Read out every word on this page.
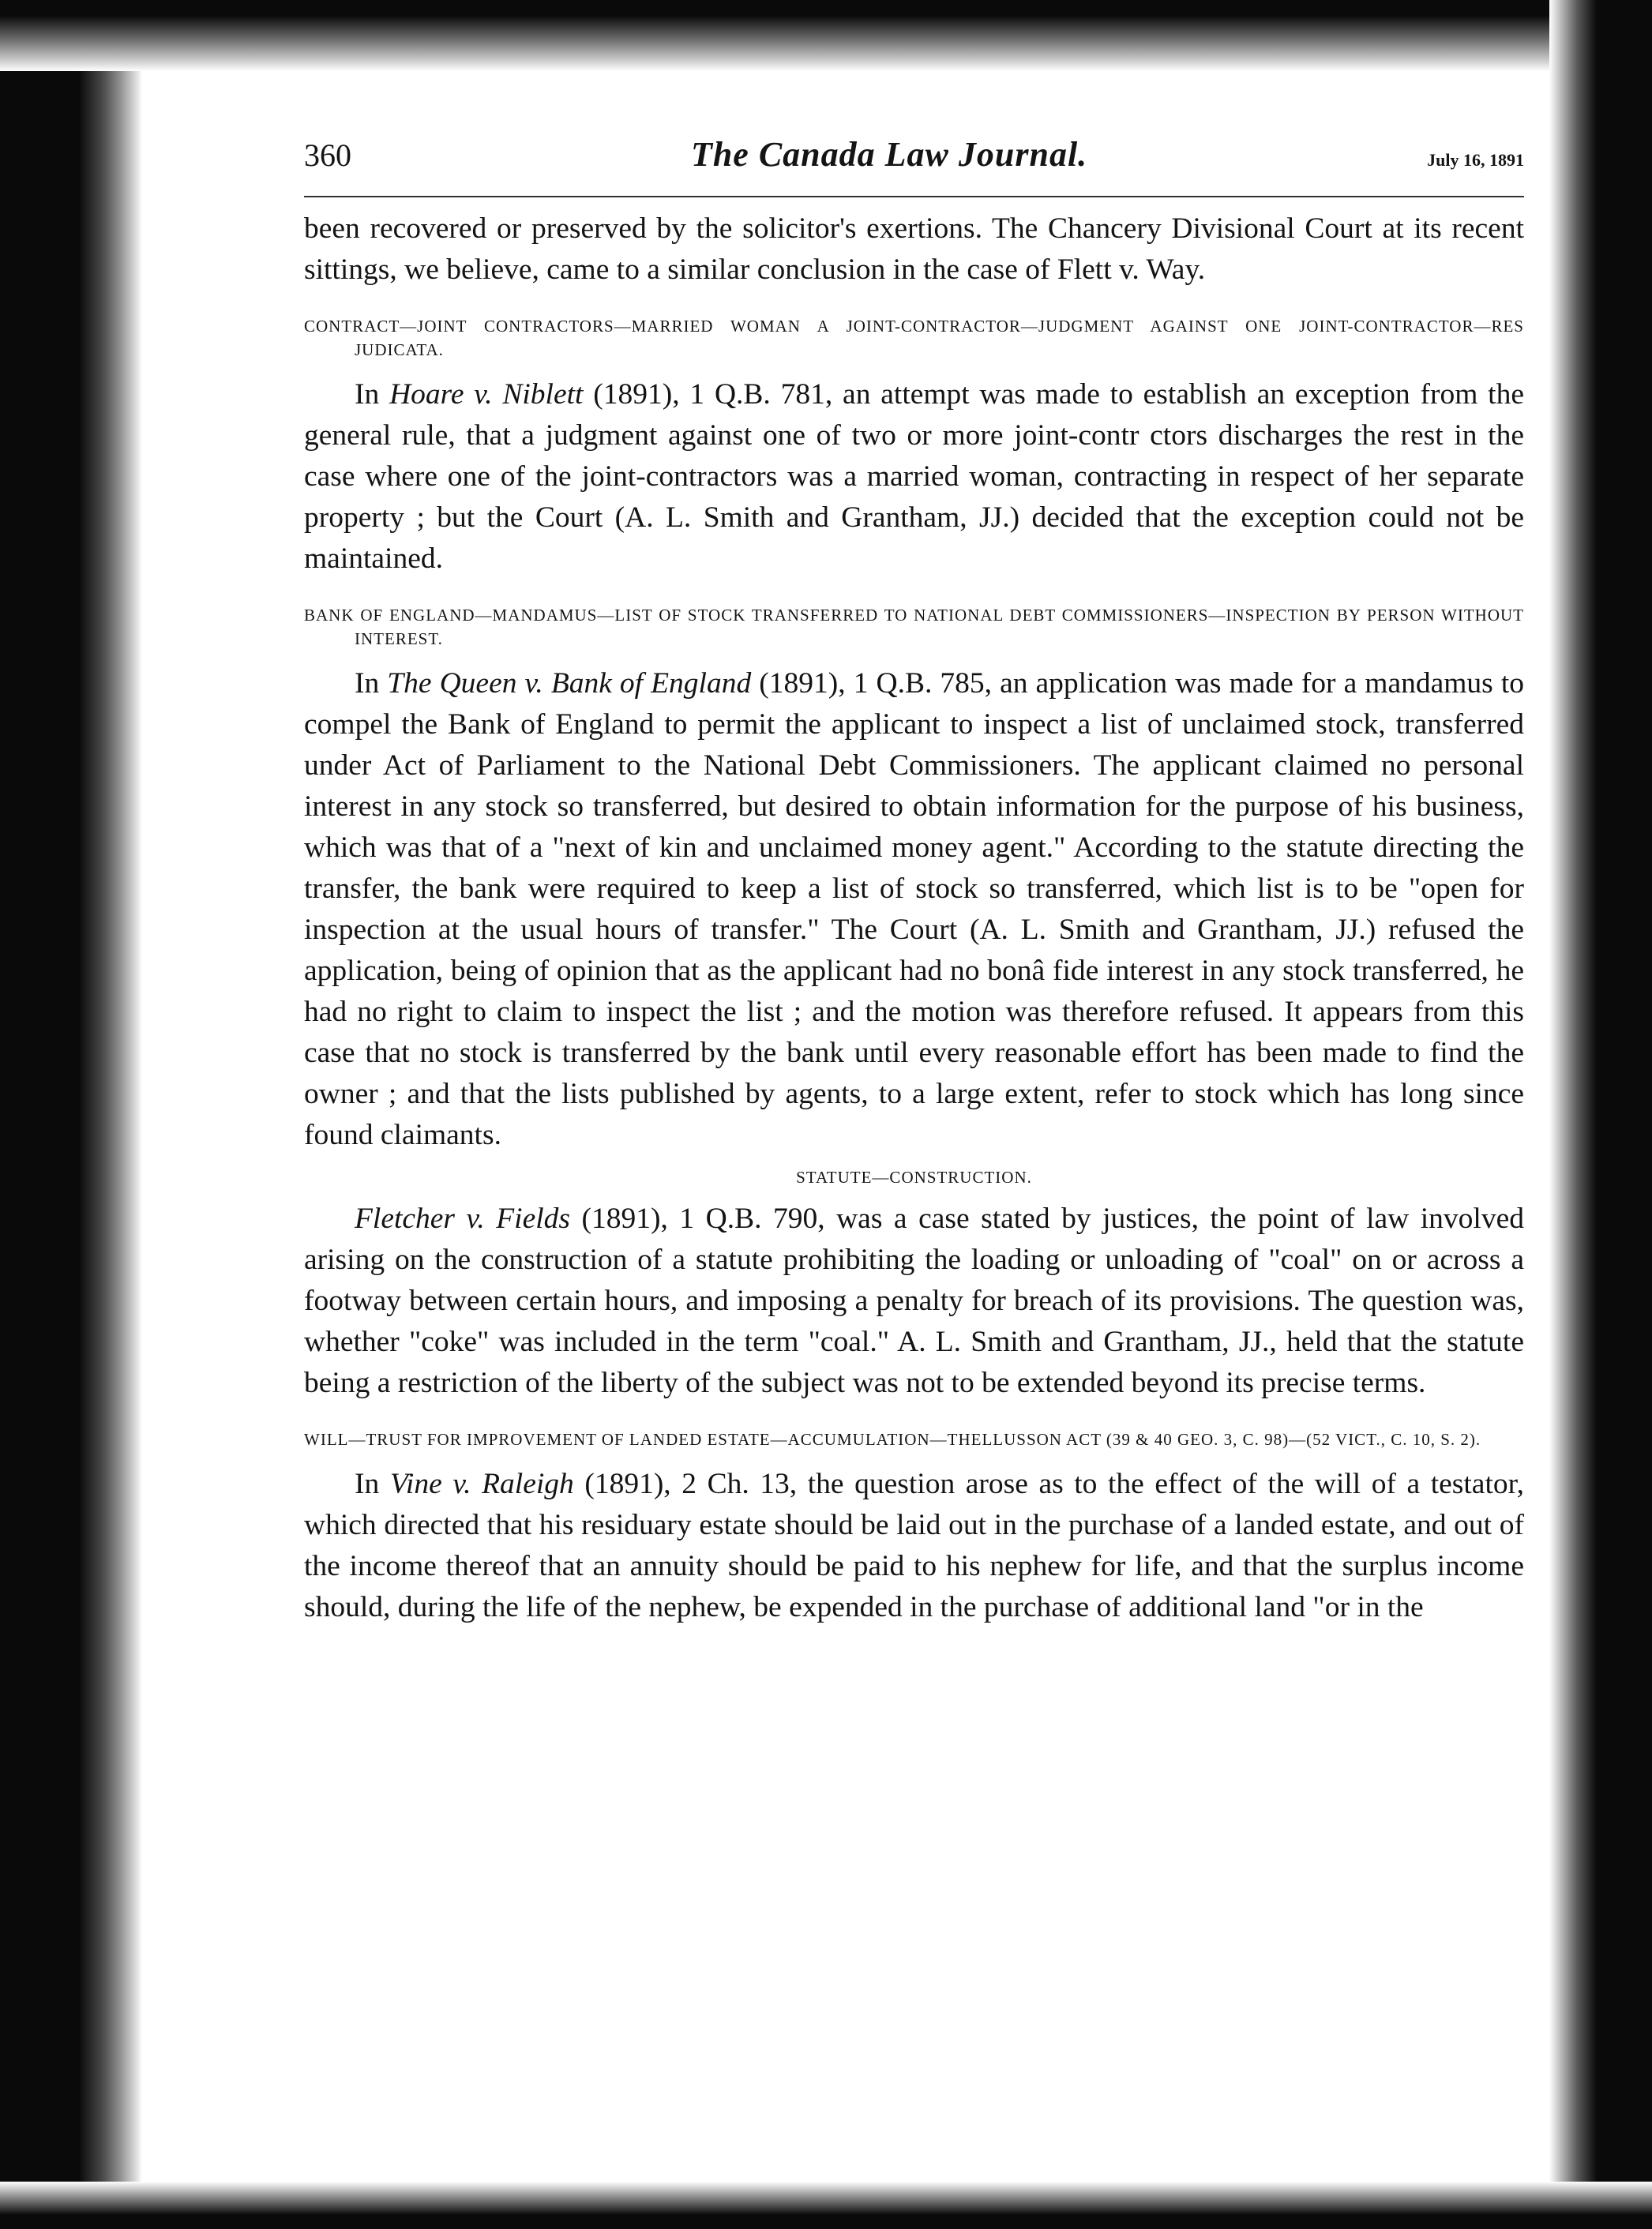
360	The Canada Law Journal.	July 16, 1891

been recovered or preserved by the solicitor's exertions. The Chancery Divisional Court at its recent sittings, we believe, came to a similar conclusion in the case of Flett v. Way.

CONTRACT—JOINT CONTRACTORS—MARRIED WOMAN A JOINT-CONTRACTOR—JUDGMENT AGAINST ONE JOINT-CONTRACTOR—RES JUDICATA.

In Hoare v. Niblett (1891), 1 Q.B. 781, an attempt was made to establish an exception from the general rule, that a judgment against one of two or more joint-contr ctors discharges the rest in the case where one of the joint-contractors was a married woman, contracting in respect of her separate property ; but the Court (A. L. Smith and Grantham, JJ.) decided that the exception could not be maintained.

BANK OF ENGLAND—MANDAMUS—LIST OF STOCK TRANSFERRED TO NATIONAL DEBT COMMISSIONERS—INSPECTION BY PERSON WITHOUT INTEREST.

In The Queen v. Bank of England (1891), 1 Q.B. 785, an application was made for a mandamus to compel the Bank of England to permit the applicant to inspect a list of unclaimed stock, transferred under Act of Parliament to the National Debt Commissioners. The applicant claimed no personal interest in any stock so transferred, but desired to obtain information for the purpose of his business, which was that of a "next of kin and unclaimed money agent." According to the statute directing the transfer, the bank were required to keep a list of stock so transferred, which list is to be "open for inspection at the usual hours of transfer." The Court (A. L. Smith and Grantham, JJ.) refused the application, being of opinion that as the applicant had no bonâ fide interest in any stock transferred, he had no right to claim to inspect the list ; and the motion was therefore refused. It appears from this case that no stock is transferred by the bank until every reasonable effort has been made to find the owner ; and that the lists published by agents, to a large extent, refer to stock which has long since found claimants.

STATUTE—CONSTRUCTION.

Fletcher v. Fields (1891), 1 Q.B. 790, was a case stated by justices, the point of law involved arising on the construction of a statute prohibiting the loading or unloading of "coal" on or across a footway between certain hours, and imposing a penalty for breach of its provisions. The question was, whether "coke" was included in the term "coal." A. L. Smith and Grantham, JJ., held that the statute being a restriction of the liberty of the subject was not to be extended beyond its precise terms.

WILL—TRUST FOR IMPROVEMENT OF LANDED ESTATE—ACCUMULATION—THELLUSSON ACT (39 & 40 GEO. 3, C. 98)—(52 VICT., C. 10, S. 2).

In Vine v. Raleigh (1891), 2 Ch. 13, the question arose as to the effect of the will of a testator, which directed that his residuary estate should be laid out in the purchase of a landed estate, and out of the income thereof that an annuity should be paid to his nephew for life, and that the surplus income should, during the life of the nephew, be expended in the purchase of additional land "or in the
